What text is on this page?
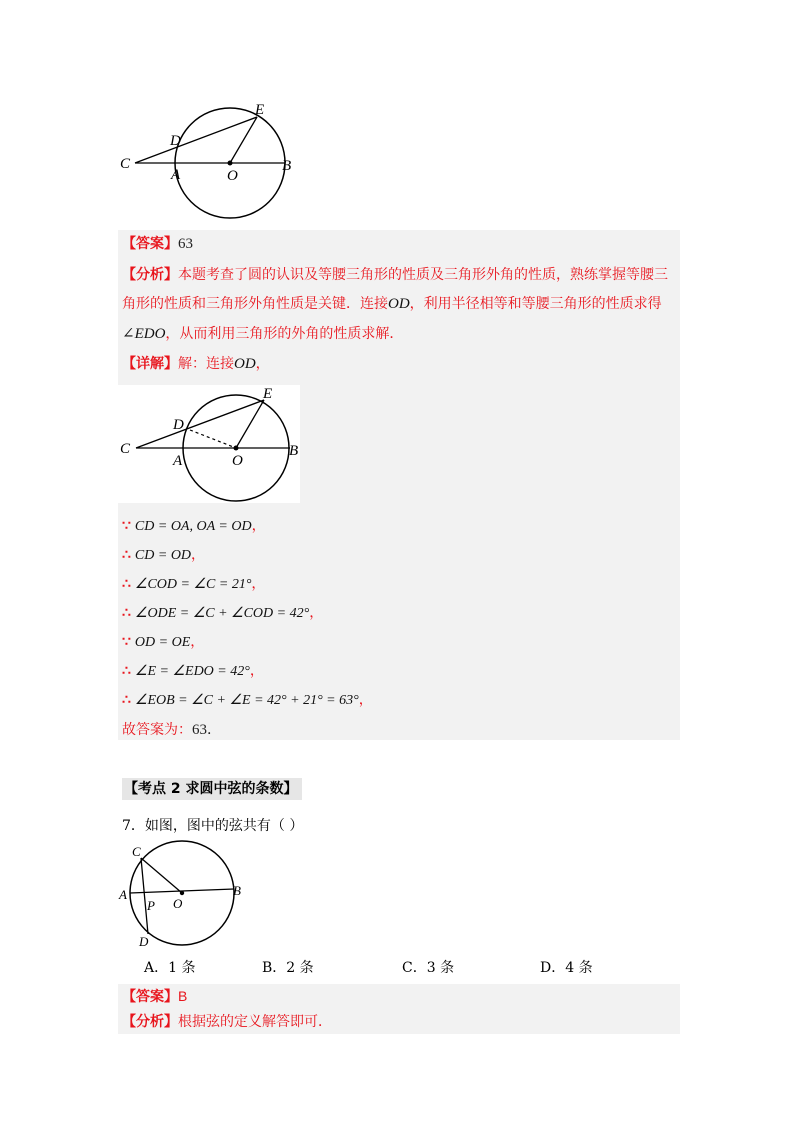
E
D
C
A	O
B
【答案】63
【分析】本题考查了圆的认识及等腰三角形的性质及三角形外角的性质，熟练掌握等腰三
角形的性质和三角形外角性质是关键．连接OD，利用半径相等和等腰三角形的性质求得
∠EDO，从而利用三角形的外角的性质求解．
【详解】解：连接OD，
E
D
C
A	O
B
∵ CD = OA, OA = OD，
∴ CD = OD，
∴ ∠COD = ∠C = 21°，
∴ ∠ODE = ∠C + ∠COD = 42°，
∵ OD = OE，
∴ ∠E = ∠EDO = 42°，
∴ ∠EOB = ∠C + ∠E = 42° + 21° = 63°，
故答案为：63.
【考点 2 求圆中弦的条数】
7．如图，图中的弦共有（ ）
C
A
P O
B
D
A．1 条	B．2 条	C．3 条	D．4 条
【答案】B
【分析】根据弦的定义解答即可．
